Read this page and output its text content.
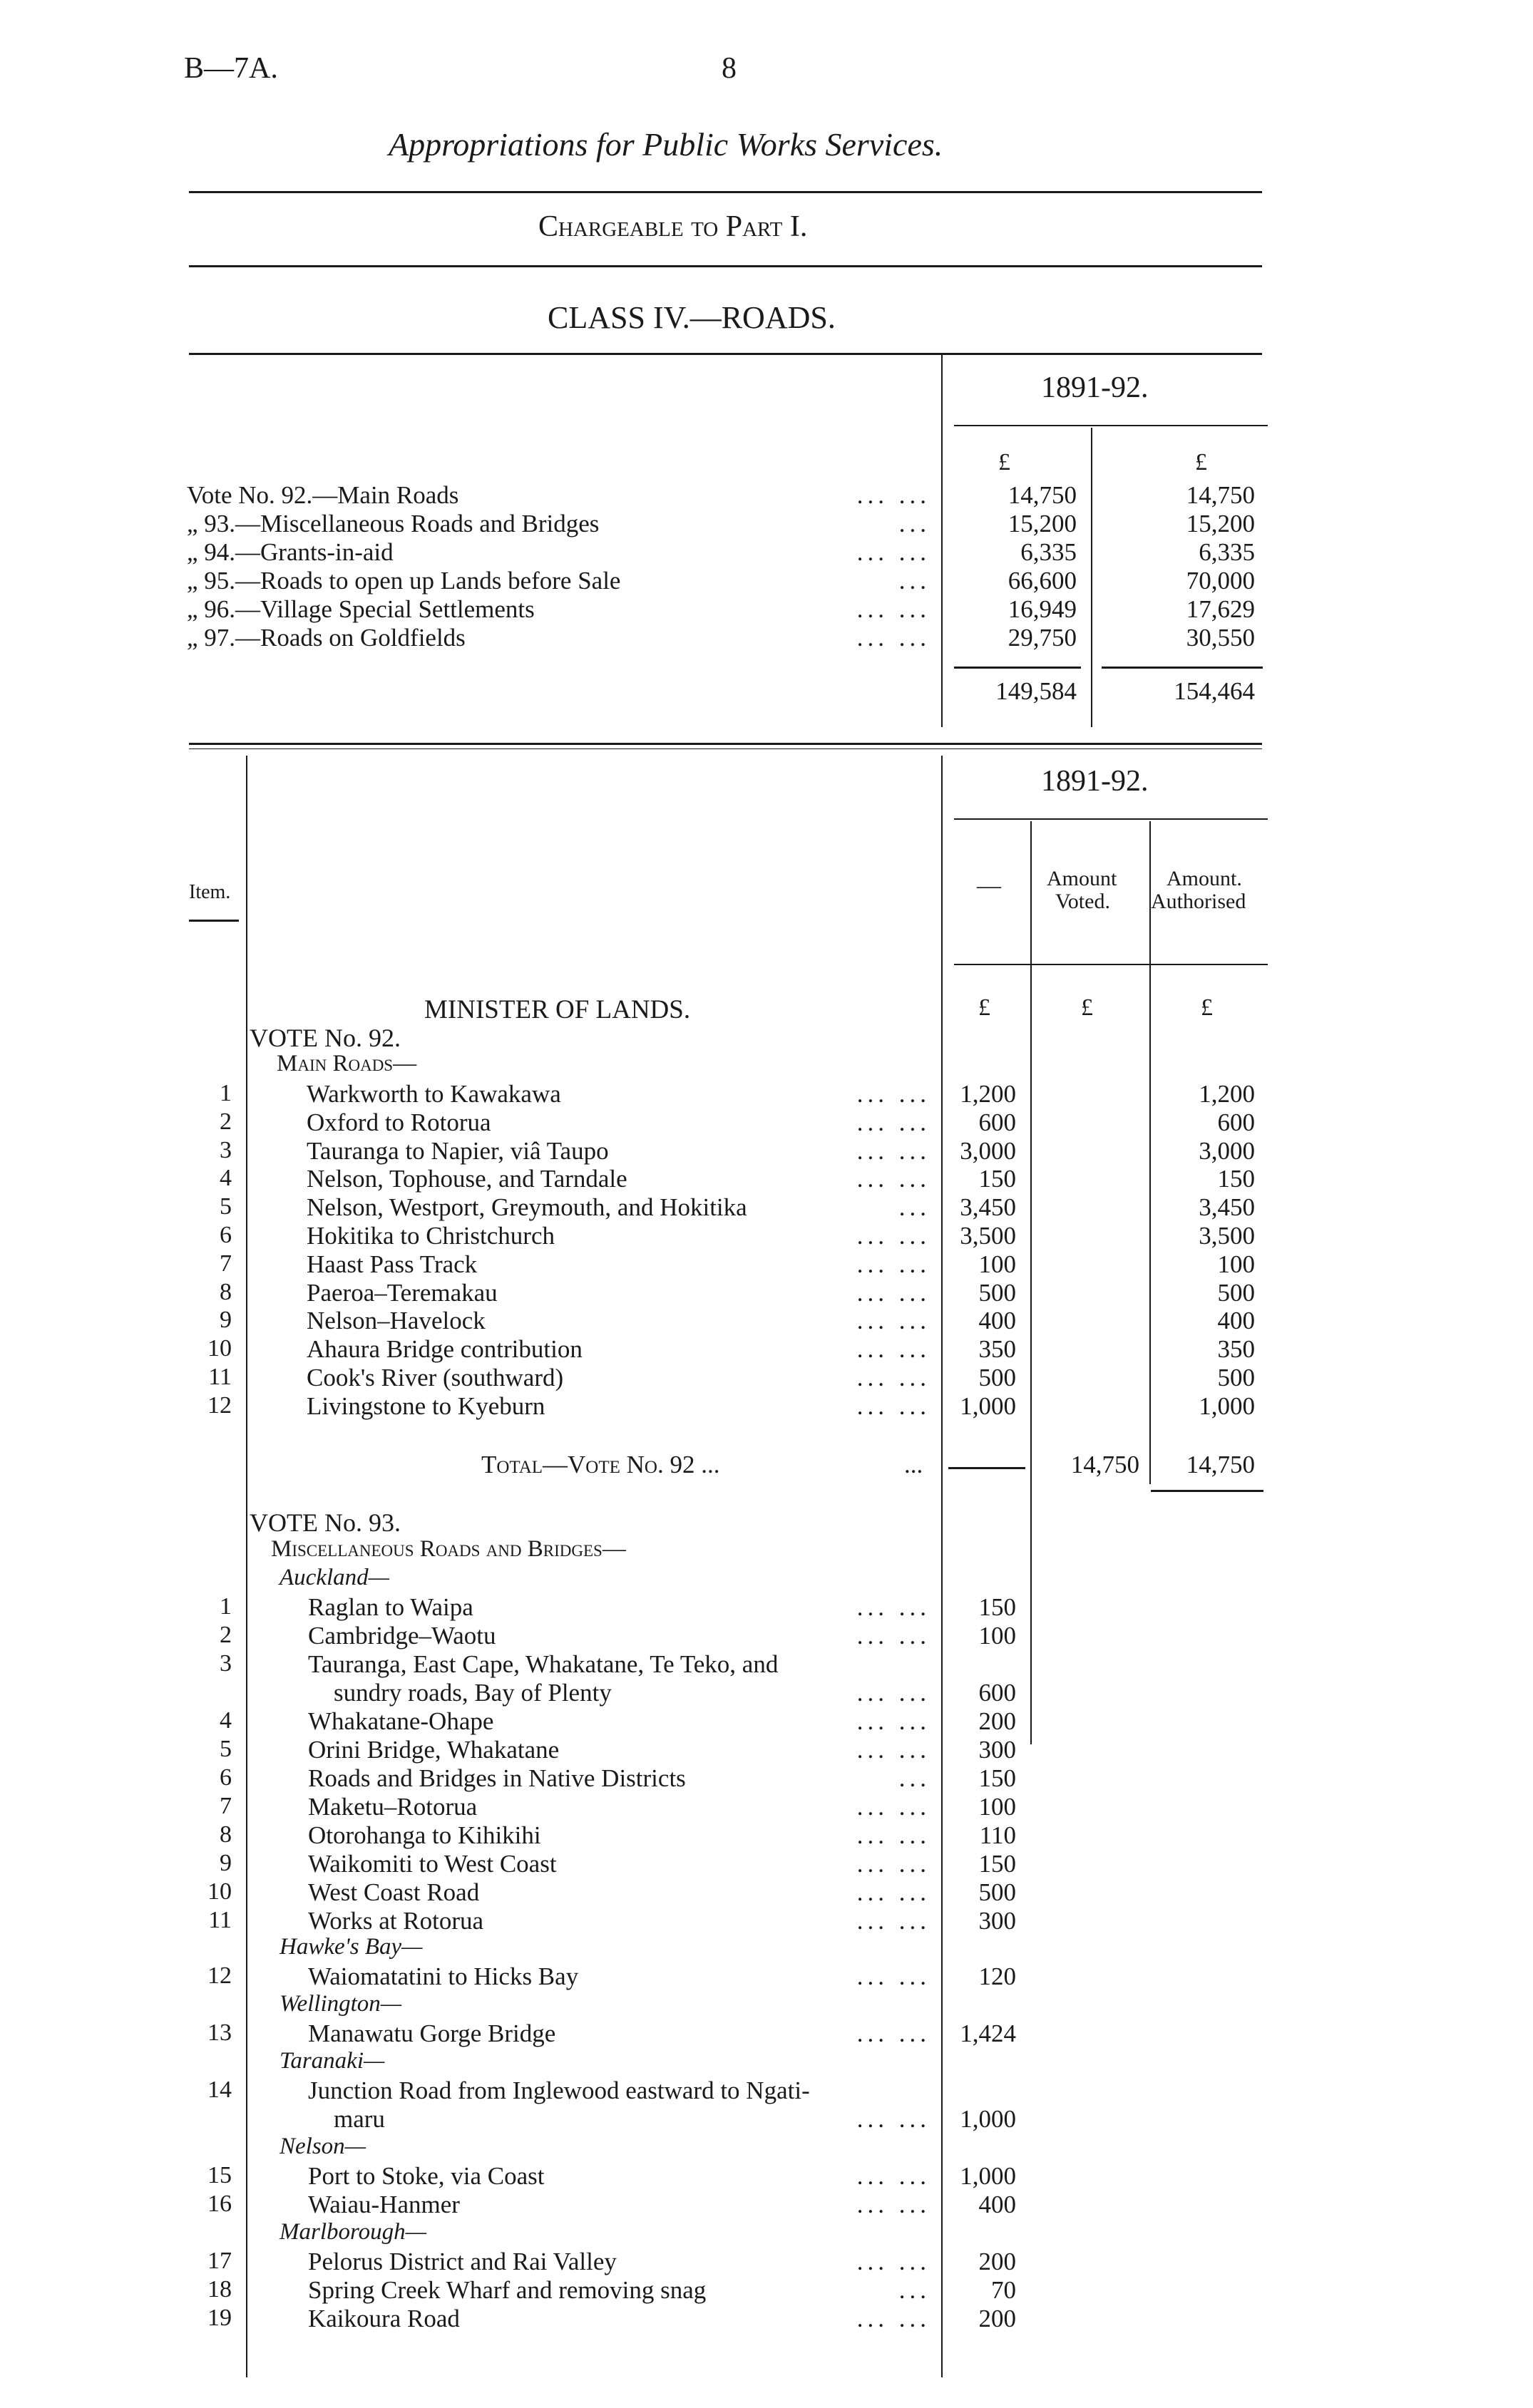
B—7A.	8
Appropriations for Public Works Services.
Chargeable to Part I.
CLASS IV.—ROADS.
1891-92.
£	£
Vote No. 92.—Main Roads	... ...	14,750	14,750
„ 93.—Miscellaneous Roads and Bridges	...	15,200	15,200
„ 94.—Grants-in-aid	... ...	6,335	6,335
„ 95.—Roads to open up Lands before Sale	...	66,600	70,000
„ 96.—Village Special Settlements	... ...	16,949	17,629
„ 97.—Roads on Goldfields	... ...	29,750	30,550
149,584	154,464
1891-92.
Item.	— Amount
Voted.
Amount.
Authorised
MINISTER OF LANDS.	£	£	£
VOTE No. 92.
Main Roads—
1	Warkworth to Kawakawa	... ...	1,200	1,200
2	Oxford to Rotorua	... ...	600	600
3	Tauranga to Napier, viâ Taupo	... ...	3,000	3,000
4	Nelson, Tophouse, and Tarndale	... ...	150	150
5	Nelson, Westport, Greymouth, and Hokitika	...	3,450	3,450
6	Hokitika to Christchurch	... ...	3,500	3,500
7	Haast Pass Track	... ...	100	100
8	Paeroa–Teremakau	... ...	500	500
9	Nelson–Havelock	... ...	400	400
10	Ahaura Bridge contribution	... ...	350	350
11	Cook's River (southward)	... ...	500	500
12	Livingstone to Kyeburn	... ...	1,000	1,000
Total—Vote No. 92 ...	...	14,750	14,750
VOTE No. 93.
Miscellaneous Roads and Bridges—
Auckland—
Hawke's Bay—
Wellington—
Taranaki—
Nelson—
Marlborough—
1	Raglan to Waipa	... ...	150
2	Cambridge–Waotu	... ...	100
3	Tauranga, East Cape, Whakatane, Te Teko, and
sundry roads, Bay of Plenty	... ...	600
4	Whakatane-Ohape	... ...	200
5	Orini Bridge, Whakatane	... ...	300
6	Roads and Bridges in Native Districts	...	150
7	Maketu–Rotorua	... ...	100
8	Otorohanga to Kihikihi	... ...	110
9	Waikomiti to West Coast	... ...	150
10	West Coast Road	... ...	500
11	Works at Rotorua	... ...	300
12	Waiomatatini to Hicks Bay	... ...	120
13	Manawatu Gorge Bridge	... ...	1,424
14	Junction Road from Inglewood eastward to Ngati-
maru	... ...	1,000
15	Port to Stoke, via Coast	... ...	1,000
16	Waiau-Hanmer	... ...	400
17	Pelorus District and Rai Valley	... ...	200
18	Spring Creek Wharf and removing snag	...	70
19	Kaikoura Road	... ...	200
